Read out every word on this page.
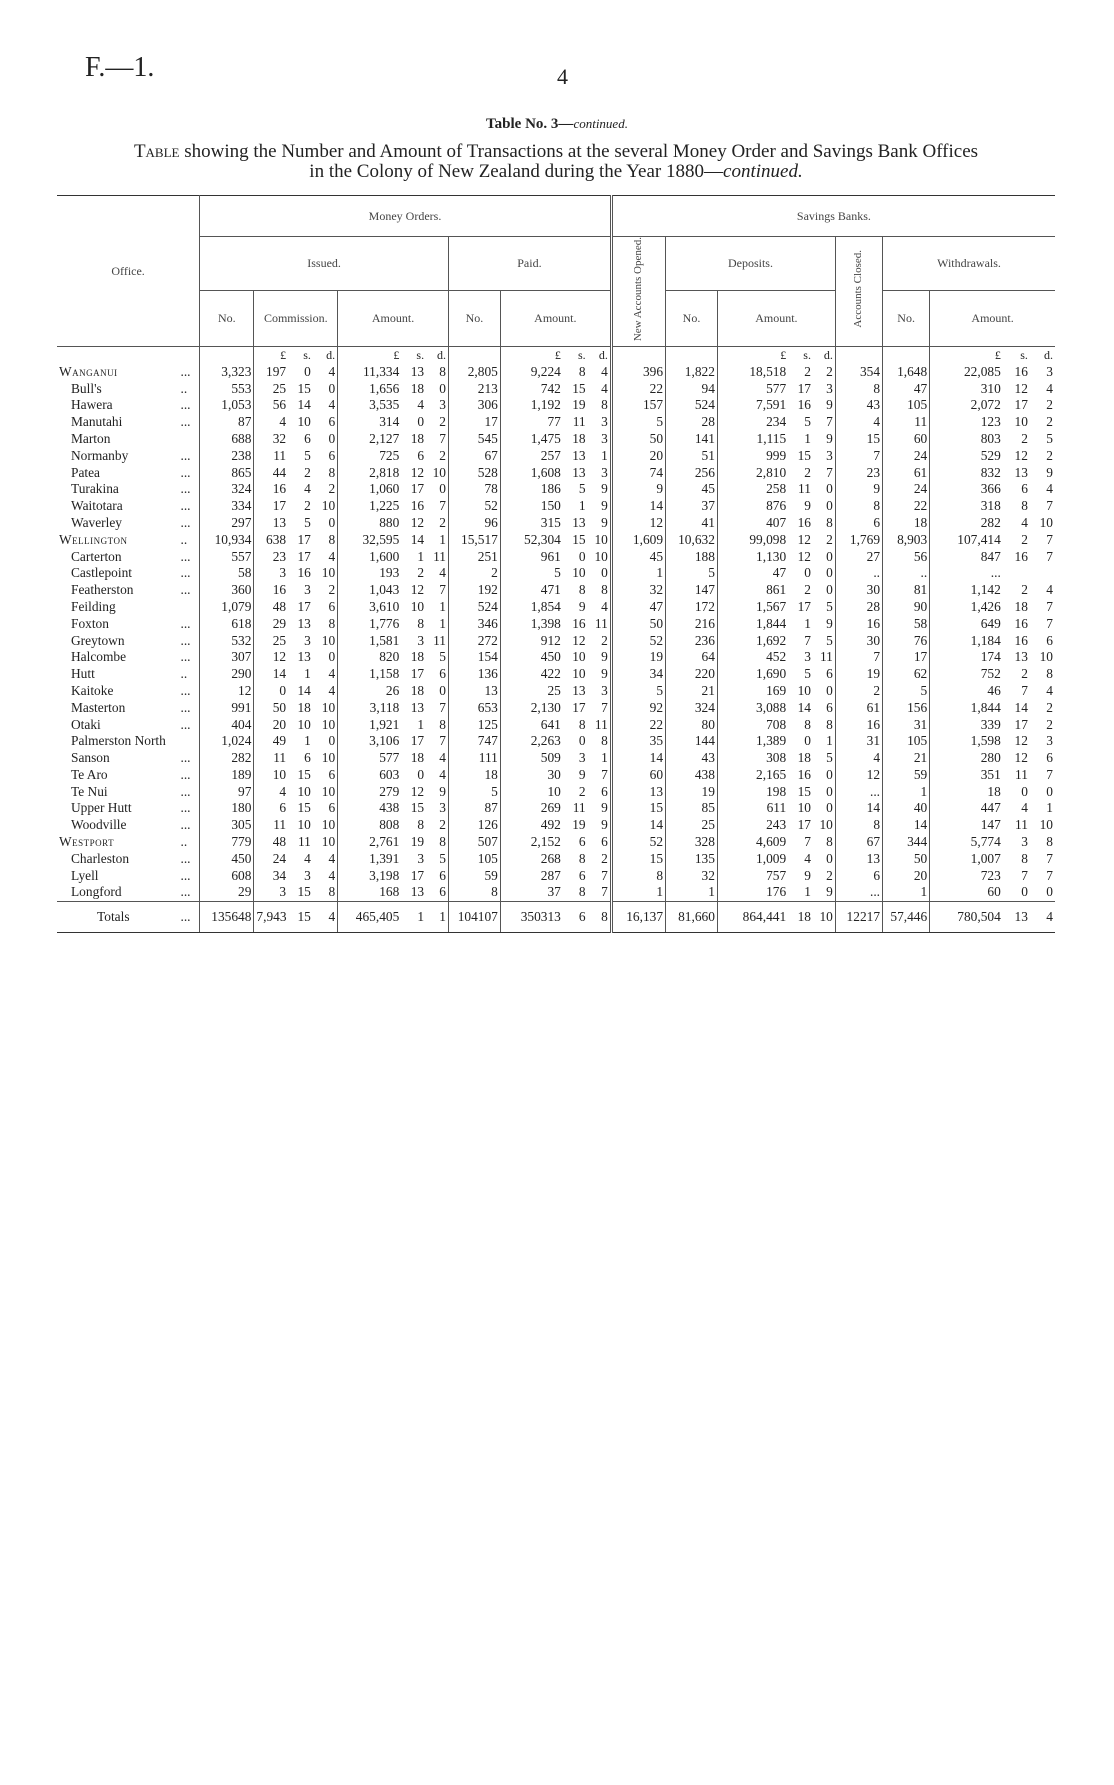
F.—1.	4
Table No. 3—continued.
Table showing the Number and Amount of Transactions at the several Money Order and Savings Bank Offices
in the Colony of New Zealand during the Year 1880—continued.
Office.		Money Orders.											Savings Banks.									
		Issued.							Paid.				New Accounts Opened.	Deposits.				Accounts Closed.	Withdrawals.			
		No.	Commission.			Amount.			No.	Amount.				No.	Amount.				No.	Amount.		
			£	s.	d.	£	s.	d.		£	s.	d.			£	s.	d.			£	s.	d.
Wanganui	...	3,323	197	0	4	11,334	13	8	2,805	9,224	8	4	396	1,822	18,518	2	2	354	1,648	22,085	16	3
Bull's	..	553	25	15	0	1,656	18	0	213	742	15	4	22	94	577	17	3	8	47	310	12	4
Hawera	...	1,053	56	14	4	3,535	4	3	306	1,192	19	8	157	524	7,591	16	9	43	105	2,072	17	2
Manutahi	...	87	4	10	6	314	0	2	17	77	11	3	5	28	234	5	7	4	11	123	10	2
Marton		688	32	6	0	2,127	18	7	545	1,475	18	3	50	141	1,115	1	9	15	60	803	2	5
Normanby	...	238	11	5	6	725	6	2	67	257	13	1	20	51	999	15	3	7	24	529	12	2
Patea	...	865	44	2	8	2,818	12	10	528	1,608	13	3	74	256	2,810	2	7	23	61	832	13	9
Turakina	...	324	16	4	2	1,060	17	0	78	186	5	9	9	45	258	11	0	9	24	366	6	4
Waitotara	...	334	17	2	10	1,225	16	7	52	150	1	9	14	37	876	9	0	8	22	318	8	7
Waverley	...	297	13	5	0	880	12	2	96	315	13	9	12	41	407	16	8	6	18	282	4	10
Wellington	..	10,934	638	17	8	32,595	14	1	15,517	52,304	15	10	1,609	10,632	99,098	12	2	1,769	8,903	107,414	2	7
Carterton	...	557	23	17	4	1,600	1	11	251	961	0	10	45	188	1,130	12	0	27	56	847	16	7
Castlepoint	...	58	3	16	10	193	2	4	2	5	10	0	1	5	47	0	0	..	..	...		
Featherston	...	360	16	3	2	1,043	12	7	192	471	8	8	32	147	861	2	0	30	81	1,142	2	4
Feilding		1,079	48	17	6	3,610	10	1	524	1,854	9	4	47	172	1,567	17	5	28	90	1,426	18	7
Foxton	...	618	29	13	8	1,776	8	1	346	1,398	16	11	50	216	1,844	1	9	16	58	649	16	7
Greytown	...	532	25	3	10	1,581	3	11	272	912	12	2	52	236	1,692	7	5	30	76	1,184	16	6
Halcombe	...	307	12	13	0	820	18	5	154	450	10	9	19	64	452	3	11	7	17	174	13	10
Hutt	..	290	14	1	4	1,158	17	6	136	422	10	9	34	220	1,690	5	6	19	62	752	2	8
Kaitoke	...	12	0	14	4	26	18	0	13	25	13	3	5	21	169	10	0	2	5	46	7	4
Masterton	...	991	50	18	10	3,118	13	7	653	2,130	17	7	92	324	3,088	14	6	61	156	1,844	14	2
Otaki	...	404	20	10	10	1,921	1	8	125	641	8	11	22	80	708	8	8	16	31	339	17	2
Palmerston North		1,024	49	1	0	3,106	17	7	747	2,263	0	8	35	144	1,389	0	1	31	105	1,598	12	3
Sanson	...	282	11	6	10	577	18	4	111	509	3	1	14	43	308	18	5	4	21	280	12	6
Te Aro	...	189	10	15	6	603	0	4	18	30	9	7	60	438	2,165	16	0	12	59	351	11	7
Te Nui	...	97	4	10	10	279	12	9	5	10	2	6	13	19	198	15	0	...	1	18	0	0
Upper Hutt	...	180	6	15	6	438	15	3	87	269	11	9	15	85	611	10	0	14	40	447	4	1
Woodville	...	305	11	10	10	808	8	2	126	492	19	9	14	25	243	17	10	8	14	147	11	10
Westport	..	779	48	11	10	2,761	19	8	507	2,152	6	6	52	328	4,609	7	8	67	344	5,774	3	8
Charleston	...	450	24	4	4	1,391	3	5	105	268	8	2	15	135	1,009	4	0	13	50	1,007	8	7
Lyell	...	608	34	3	4	3,198	17	6	59	287	6	7	8	32	757	9	2	6	20	723	7	7
Longford	...	29	3	15	8	168	13	6	8	37	8	7	1	1	176	1	9	...	1	60	0	0
Totals	...	135648	7,943	15	4	465,405	1	1	104107	350313	6	8	16,137	81,660	864,441	18	10	12217	57,446	780,504	13	4
